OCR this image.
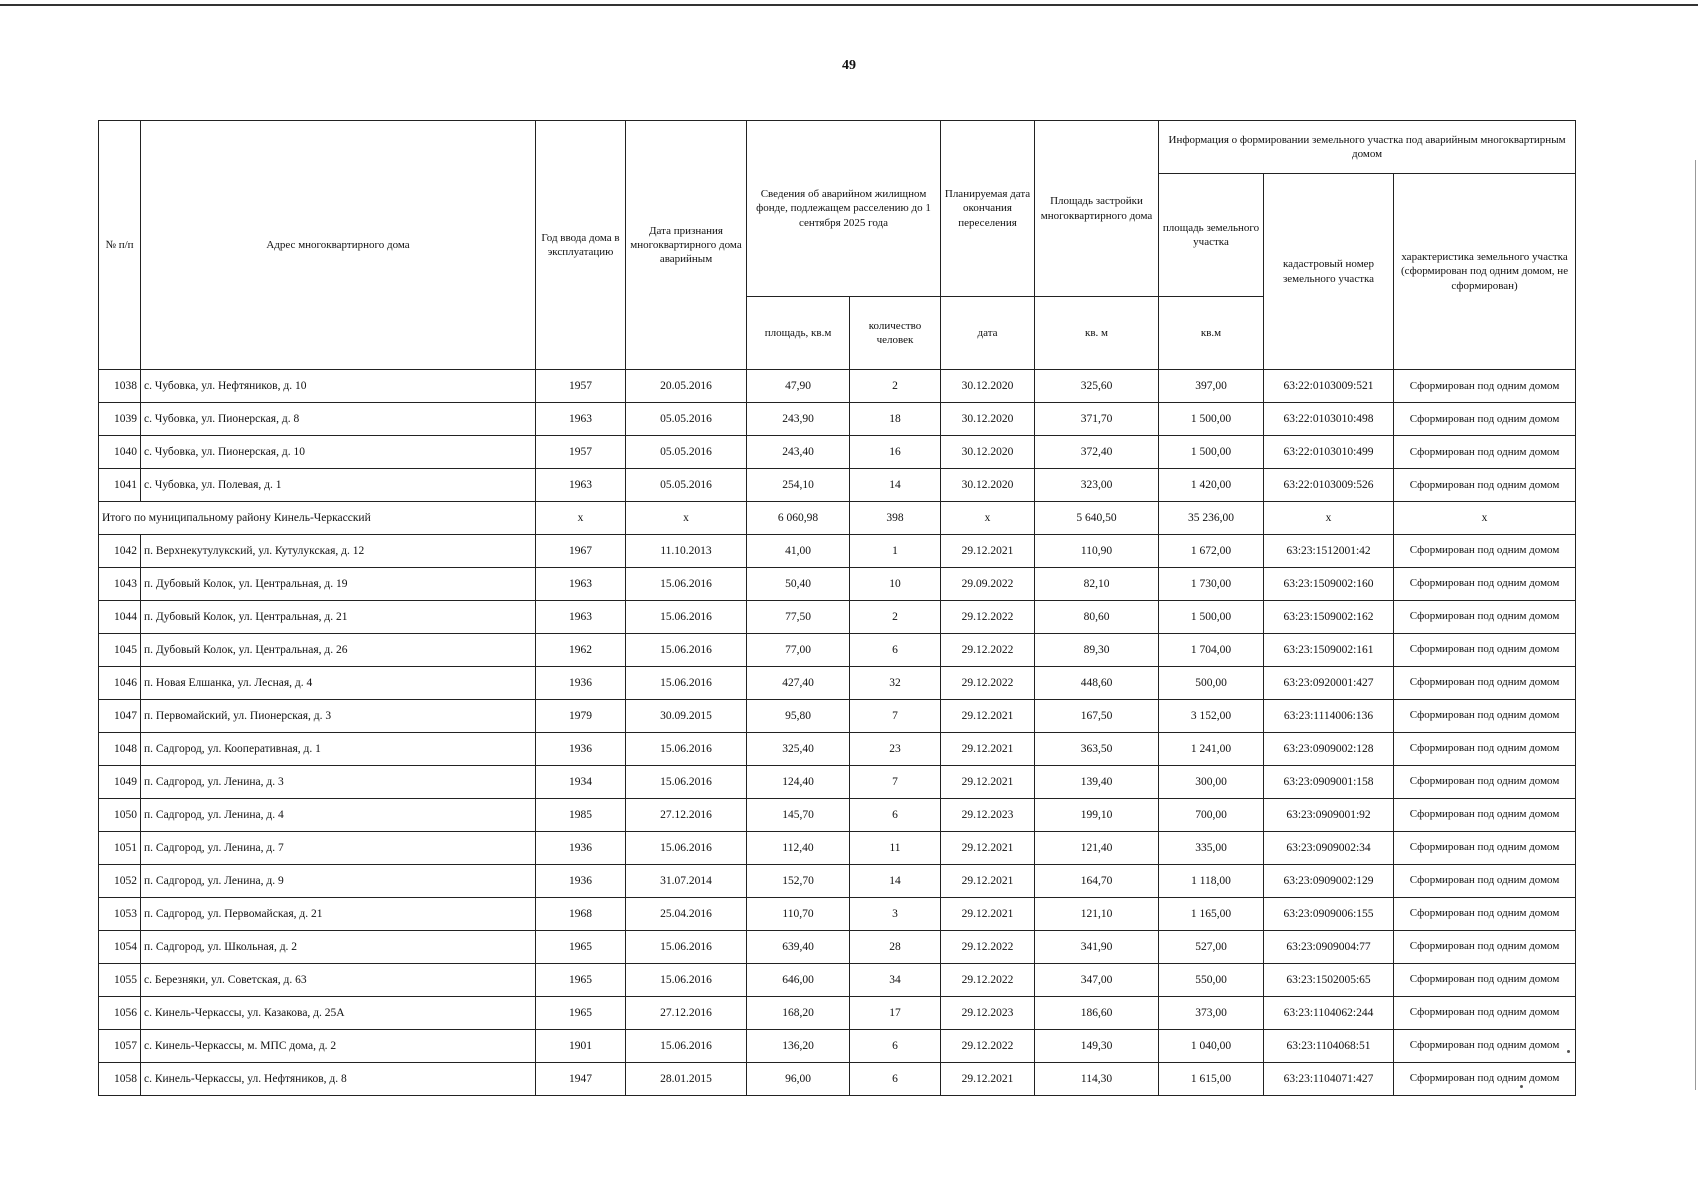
49
№ п/п	Адрес многоквартирного дома	Год ввода дома в эксплуатацию	Дата признания многоквартирного дома аварийным	Сведения об аварийном жилищном фонде, подлежащем расселению до 1 сентября 2025 года		Планируемая дата окончания переселения	Площадь застройки многоквартирного дома	Информация о формировании земельного участка под аварийным многоквартирным домом		
								площадь земельного участка	кадастровый номер земельного участка	характеристика земельного участка (сформирован под одним домом, не сформирован)
				площадь, кв.м	количество человек	дата	кв. м	кв.м		
1038	с. Чубовка, ул. Нефтяников, д. 10	1957	20.05.2016	47,90	2	30.12.2020	325,60	397,00	63:22:0103009:521	Сформирован под одним домом
1039	с. Чубовка, ул. Пионерская, д. 8	1963	05.05.2016	243,90	18	30.12.2020	371,70	1 500,00	63:22:0103010:498	Сформирован под одним домом
1040	с. Чубовка, ул. Пионерская, д. 10	1957	05.05.2016	243,40	16	30.12.2020	372,40	1 500,00	63:22:0103010:499	Сформирован под одним домом
1041	с. Чубовка, ул. Полевая, д. 1	1963	05.05.2016	254,10	14	30.12.2020	323,00	1 420,00	63:22:0103009:526	Сформирован под одним домом
Итого по муниципальному району Кинель-Черкасский		x	x	6 060,98	398	x	5 640,50	35 236,00	x	x
1042	п. Верхнекутулукский, ул. Кутулукская, д. 12	1967	11.10.2013	41,00	1	29.12.2021	110,90	1 672,00	63:23:1512001:42	Сформирован под одним домом
1043	п. Дубовый Колок, ул. Центральная, д. 19	1963	15.06.2016	50,40	10	29.09.2022	82,10	1 730,00	63:23:1509002:160	Сформирован под одним домом
1044	п. Дубовый Колок, ул. Центральная, д. 21	1963	15.06.2016	77,50	2	29.12.2022	80,60	1 500,00	63:23:1509002:162	Сформирован под одним домом
1045	п. Дубовый Колок, ул. Центральная, д. 26	1962	15.06.2016	77,00	6	29.12.2022	89,30	1 704,00	63:23:1509002:161	Сформирован под одним домом
1046	п. Новая Елшанка, ул. Лесная, д. 4	1936	15.06.2016	427,40	32	29.12.2022	448,60	500,00	63:23:0920001:427	Сформирован под одним домом
1047	п. Первомайский, ул. Пионерская, д. 3	1979	30.09.2015	95,80	7	29.12.2021	167,50	3 152,00	63:23:1114006:136	Сформирован под одним домом
1048	п. Садгород, ул. Кооперативная, д. 1	1936	15.06.2016	325,40	23	29.12.2021	363,50	1 241,00	63:23:0909002:128	Сформирован под одним домом
1049	п. Садгород, ул. Ленина, д. 3	1934	15.06.2016	124,40	7	29.12.2021	139,40	300,00	63:23:0909001:158	Сформирован под одним домом
1050	п. Садгород, ул. Ленина, д. 4	1985	27.12.2016	145,70	6	29.12.2023	199,10	700,00	63:23:0909001:92	Сформирован под одним домом
1051	п. Садгород, ул. Ленина, д. 7	1936	15.06.2016	112,40	11	29.12.2021	121,40	335,00	63:23:0909002:34	Сформирован под одним домом
1052	п. Садгород, ул. Ленина, д. 9	1936	31.07.2014	152,70	14	29.12.2021	164,70	1 118,00	63:23:0909002:129	Сформирован под одним домом
1053	п. Садгород, ул. Первомайская, д. 21	1968	25.04.2016	110,70	3	29.12.2021	121,10	1 165,00	63:23:0909006:155	Сформирован под одним домом
1054	п. Садгород, ул. Школьная, д. 2	1965	15.06.2016	639,40	28	29.12.2022	341,90	527,00	63:23:0909004:77	Сформирован под одним домом
1055	с. Березняки, ул. Советская, д. 63	1965	15.06.2016	646,00	34	29.12.2022	347,00	550,00	63:23:1502005:65	Сформирован под одним домом
1056	с. Кинель-Черкассы, ул. Казакова, д. 25А	1965	27.12.2016	168,20	17	29.12.2023	186,60	373,00	63:23:1104062:244	Сформирован под одним домом
1057	с. Кинель-Черкассы, м. МПС дома, д. 2	1901	15.06.2016	136,20	6	29.12.2022	149,30	1 040,00	63:23:1104068:51	Сформирован под одним домом
1058	с. Кинель-Черкассы, ул. Нефтяников, д. 8	1947	28.01.2015	96,00	6	29.12.2021	114,30	1 615,00	63:23:1104071:427	Сформирован под одним домом
